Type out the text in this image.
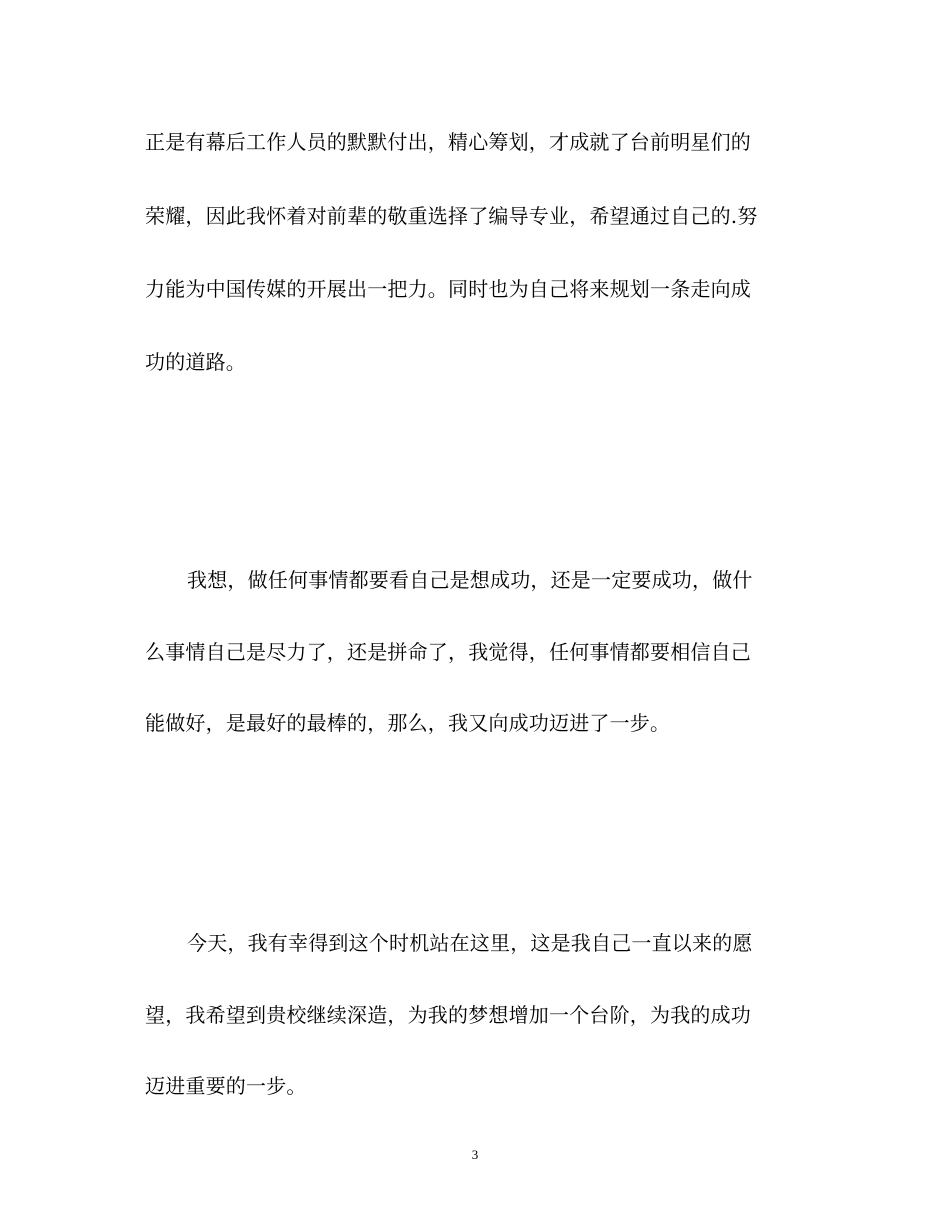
正是有幕后工作人员的默默付出，精心筹划，才成就了台前明星们的
荣耀，因此我怀着对前辈的敬重选择了编导专业，希望通过自己的.努
力能为中国传媒的开展出一把力。同时也为自己将来规划一条走向成
功的道路。
我想，做任何事情都要看自己是想成功，还是一定要成功，做什
么事情自己是尽力了，还是拼命了，我觉得，任何事情都要相信自己
能做好，是最好的最棒的，那么，我又向成功迈进了一步。
今天，我有幸得到这个时机站在这里，这是我自己一直以来的愿
望，我希望到贵校继续深造，为我的梦想增加一个台阶，为我的成功
迈进重要的一步。
3
